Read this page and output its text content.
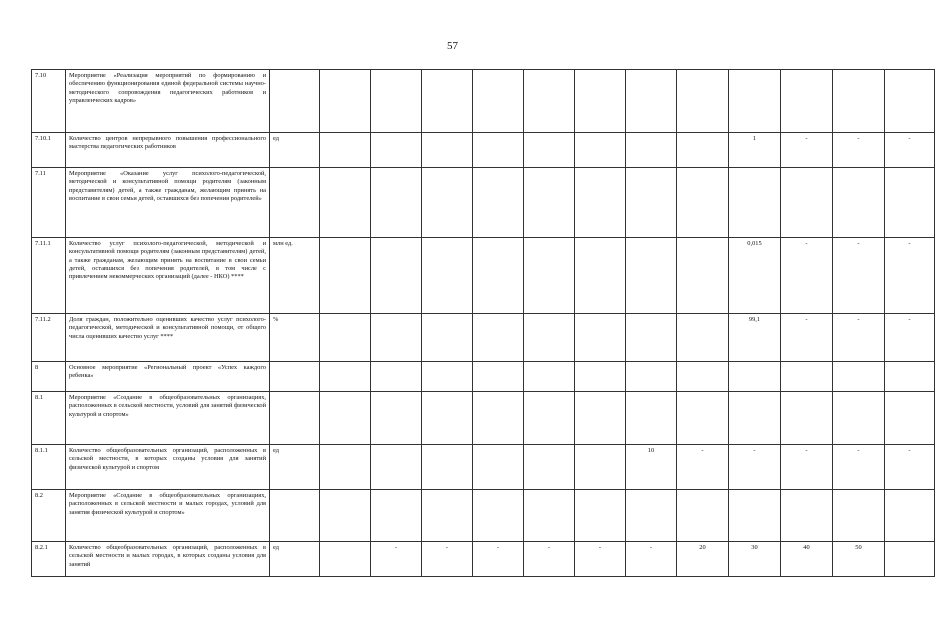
57
7.10	Мероприятие «Реализация мероприятий по формированию и обеспечению функционирования единой федеральной системы научно-методического сопровождения педагогических работников и управленческих кадров»													
7.10.1	Количество центров непрерывного повышения профессионального мастерства педагогических работников	ед									1	-	-	-
7.11	Мероприятие «Оказание услуг психолого-педагогической, методической и консультативной помощи родителям (законным представителям) детей, а также гражданам, желающим принять на воспитание в свои семьи детей, оставшихся без попечения родителей»													
7.11.1	Количество услуг психолого-педагогической, методической и консультативной помощи родителям (законным представителям) детей, а также гражданам, желающим принять на воспитание в свои семьи детей, оставшихся без попечения родителей, в том числе с привлечением некоммерческих организаций (далее - НКО) ****	млн ед.									0,015	-	-	-
7.11.2	Доля граждан, положительно оценивших качество услуг психолого-педагогической, методической и консультативной помощи, от общего числа оценивших качество услуг ****	%									99,1	-	-	-
8	Основное мероприятие «Региональный проект «Успех каждого ребенка»													
8.1	Мероприятие «Создание в общеобразовательных организациях, расположенных в сельской местности, условий для занятий физической культурой и спортом»													
8.1.1	Количество общеобразовательных организаций, расположенных в сельской местности, в которых созданы условия для занятий физической культурой и спортом	ед							10	-	-	-	-	-
8.2	Мероприятие «Создание в общеобразовательных организациях, расположенных в сельской местности и малых городах, условий для занятия физической культурой и спортом»													
8.2.1	Количество общеобразовательных организаций, расположенных в сельской местности и малых городах, в которых созданы условия для занятий	ед		-	-	-	-	-	-	20	30	40	50	
